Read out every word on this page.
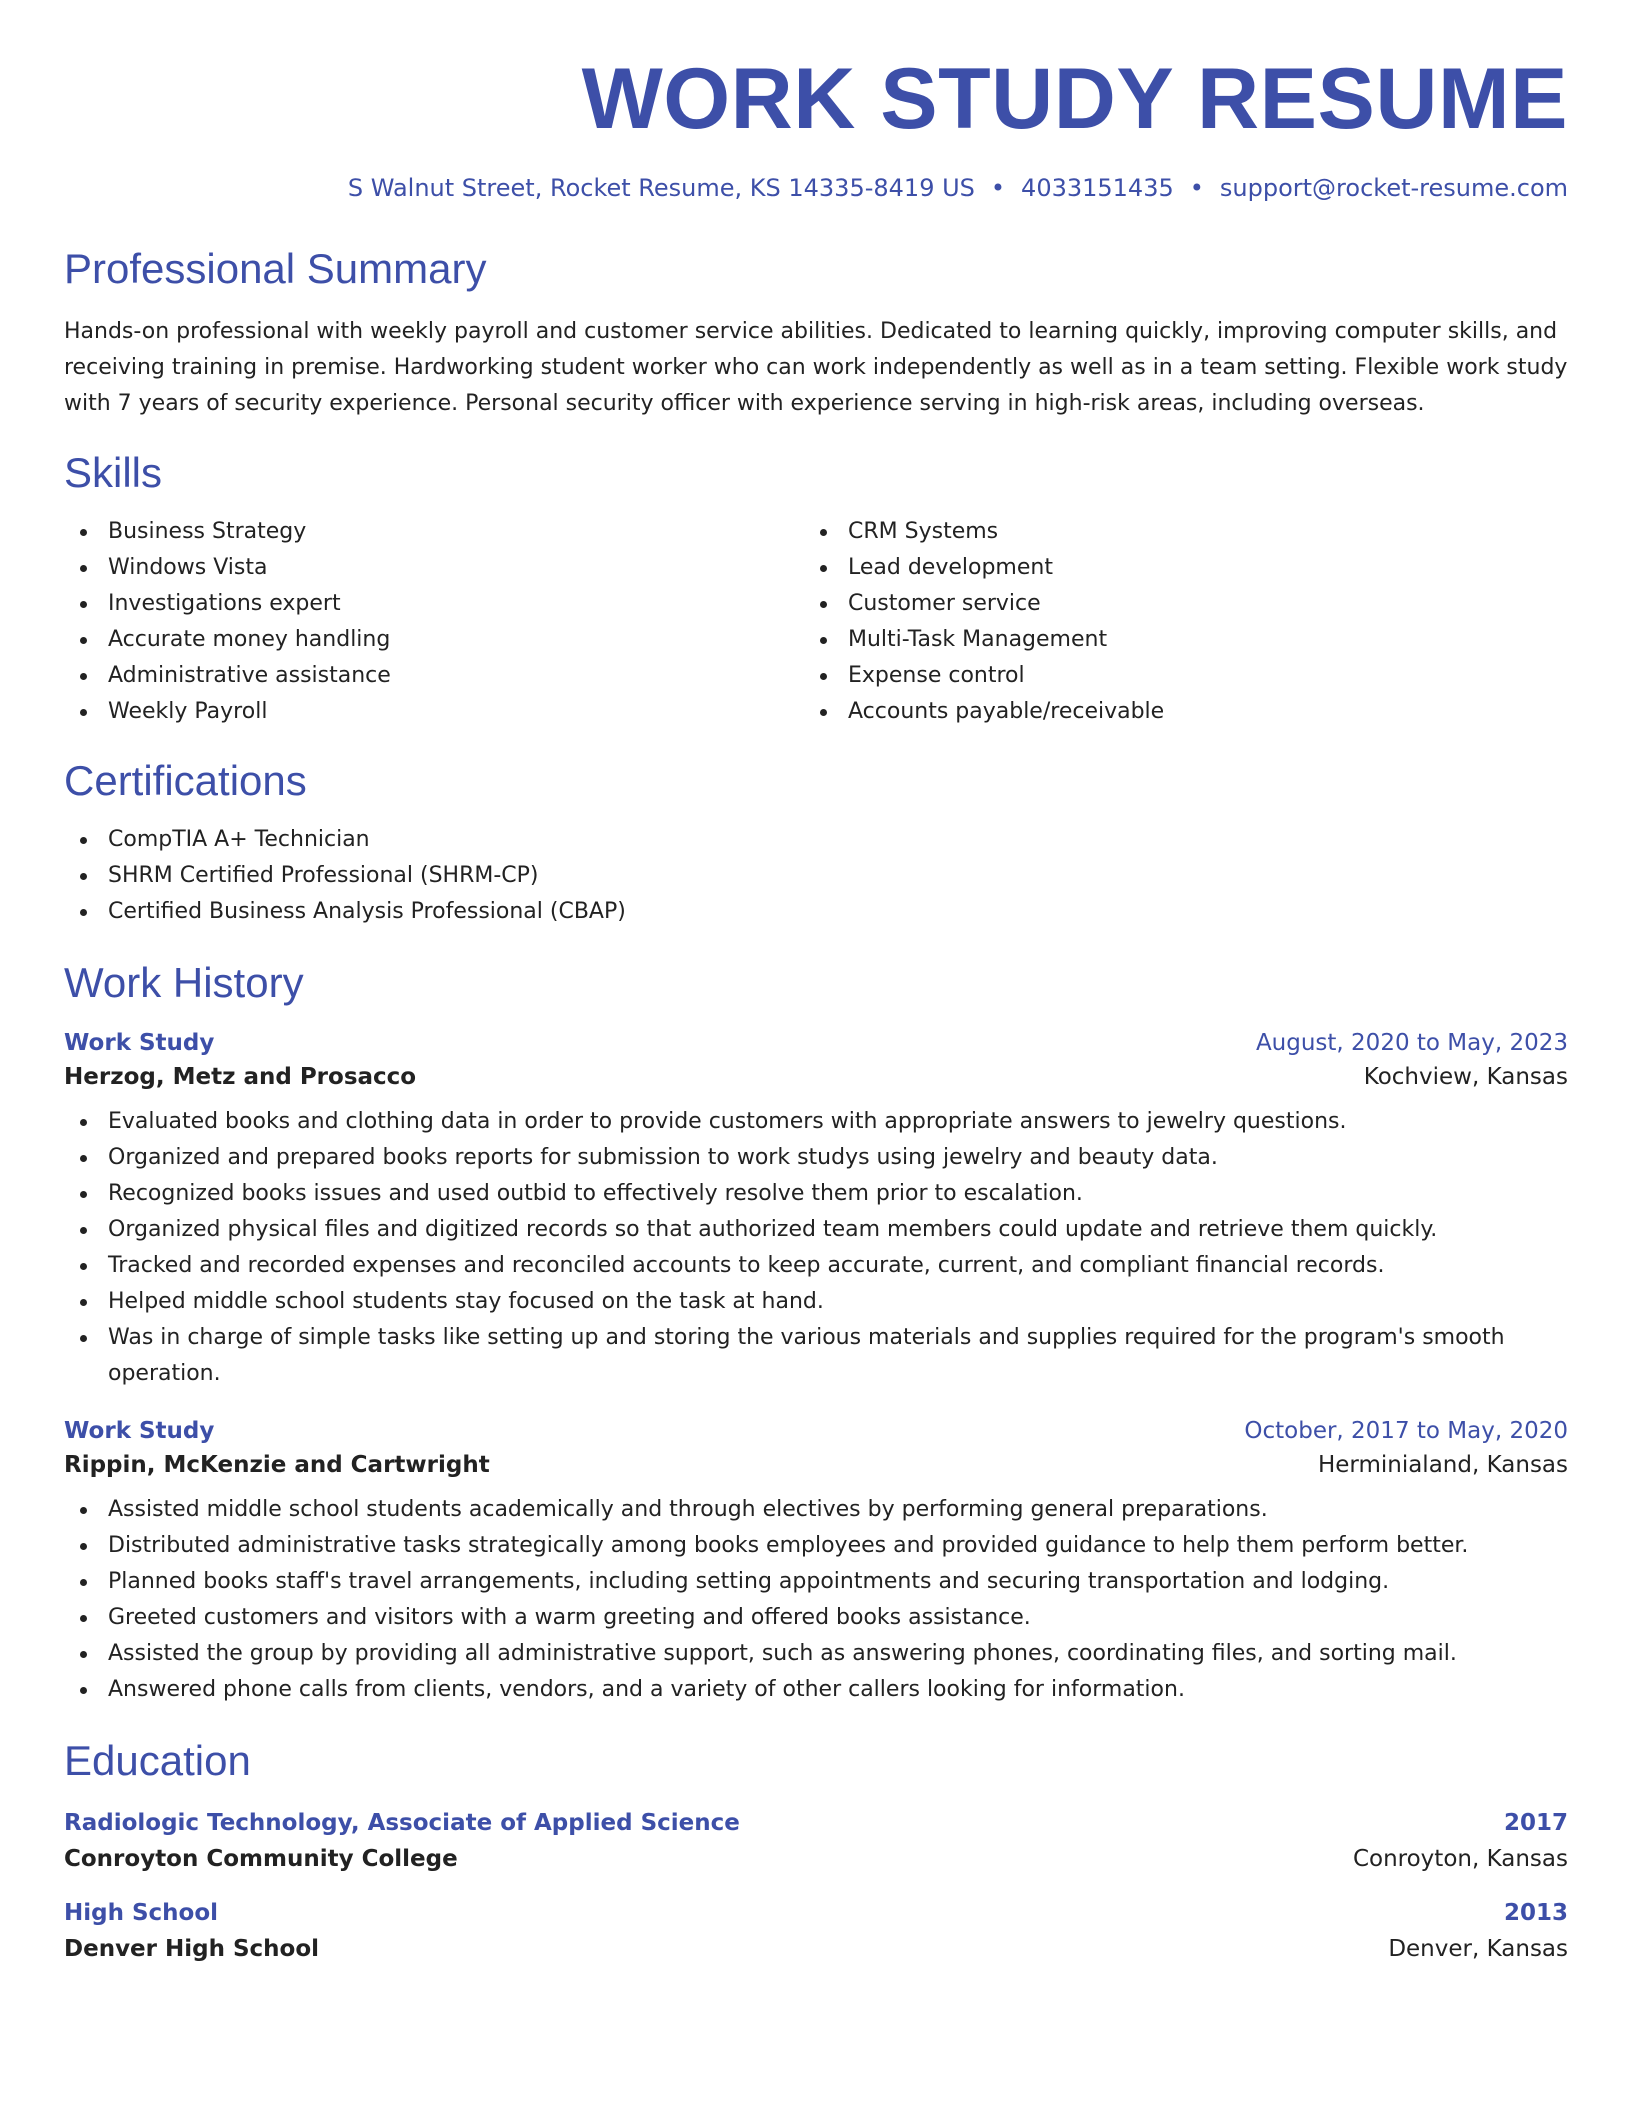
WORK STUDY RESUME
S Walnut Street, Rocket Resume, KS 14335-8419 US • 4033151435 • support@rocket-resume.com
Professional Summary

Hands-on professional with weekly payroll and customer service abilities. Dedicated to learning quickly, improving computer skills, and receiving training in premise. Hardworking student worker who can work independently as well as in a team setting. Flexible work study with 7 years of security experience. Personal security officer with experience serving in high-risk areas, including overseas.

Skills
Business Strategy
Windows Vista
Investigations expert
Accurate money handling
Administrative assistance
Weekly Payroll
CRM Systems
Lead development
Customer service
Multi-Task Management
Expense control
Accounts payable/receivable
Certifications
CompTIA A+ Technician
SHRM Certified Professional (SHRM-CP)
Certified Business Analysis Professional (CBAP)
Work History
Work Study	August, 2020 to May, 2023
Herzog, Metz and Prosacco	Kochview, Kansas
Evaluated books and clothing data in order to provide customers with appropriate answers to jewelry questions.
Organized and prepared books reports for submission to work studys using jewelry and beauty data.
Recognized books issues and used outbid to effectively resolve them prior to escalation.
Organized physical files and digitized records so that authorized team members could update and retrieve them quickly.
Tracked and recorded expenses and reconciled accounts to keep accurate, current, and compliant financial records.
Helped middle school students stay focused on the task at hand.
Was in charge of simple tasks like setting up and storing the various materials and supplies required for the program's smooth operation.
Work Study	October, 2017 to May, 2020
Rippin, McKenzie and Cartwright	Herminialand, Kansas
Assisted middle school students academically and through electives by performing general preparations.
Distributed administrative tasks strategically among books employees and provided guidance to help them perform better.
Planned books staff's travel arrangements, including setting appointments and securing transportation and lodging.
Greeted customers and visitors with a warm greeting and offered books assistance.
Assisted the group by providing all administrative support, such as answering phones, coordinating files, and sorting mail.
Answered phone calls from clients, vendors, and a variety of other callers looking for information.
Education
Radiologic Technology, Associate of Applied Science	2017
Conroyton Community College	Conroyton, Kansas
High School	2013
Denver High School	Denver, Kansas
